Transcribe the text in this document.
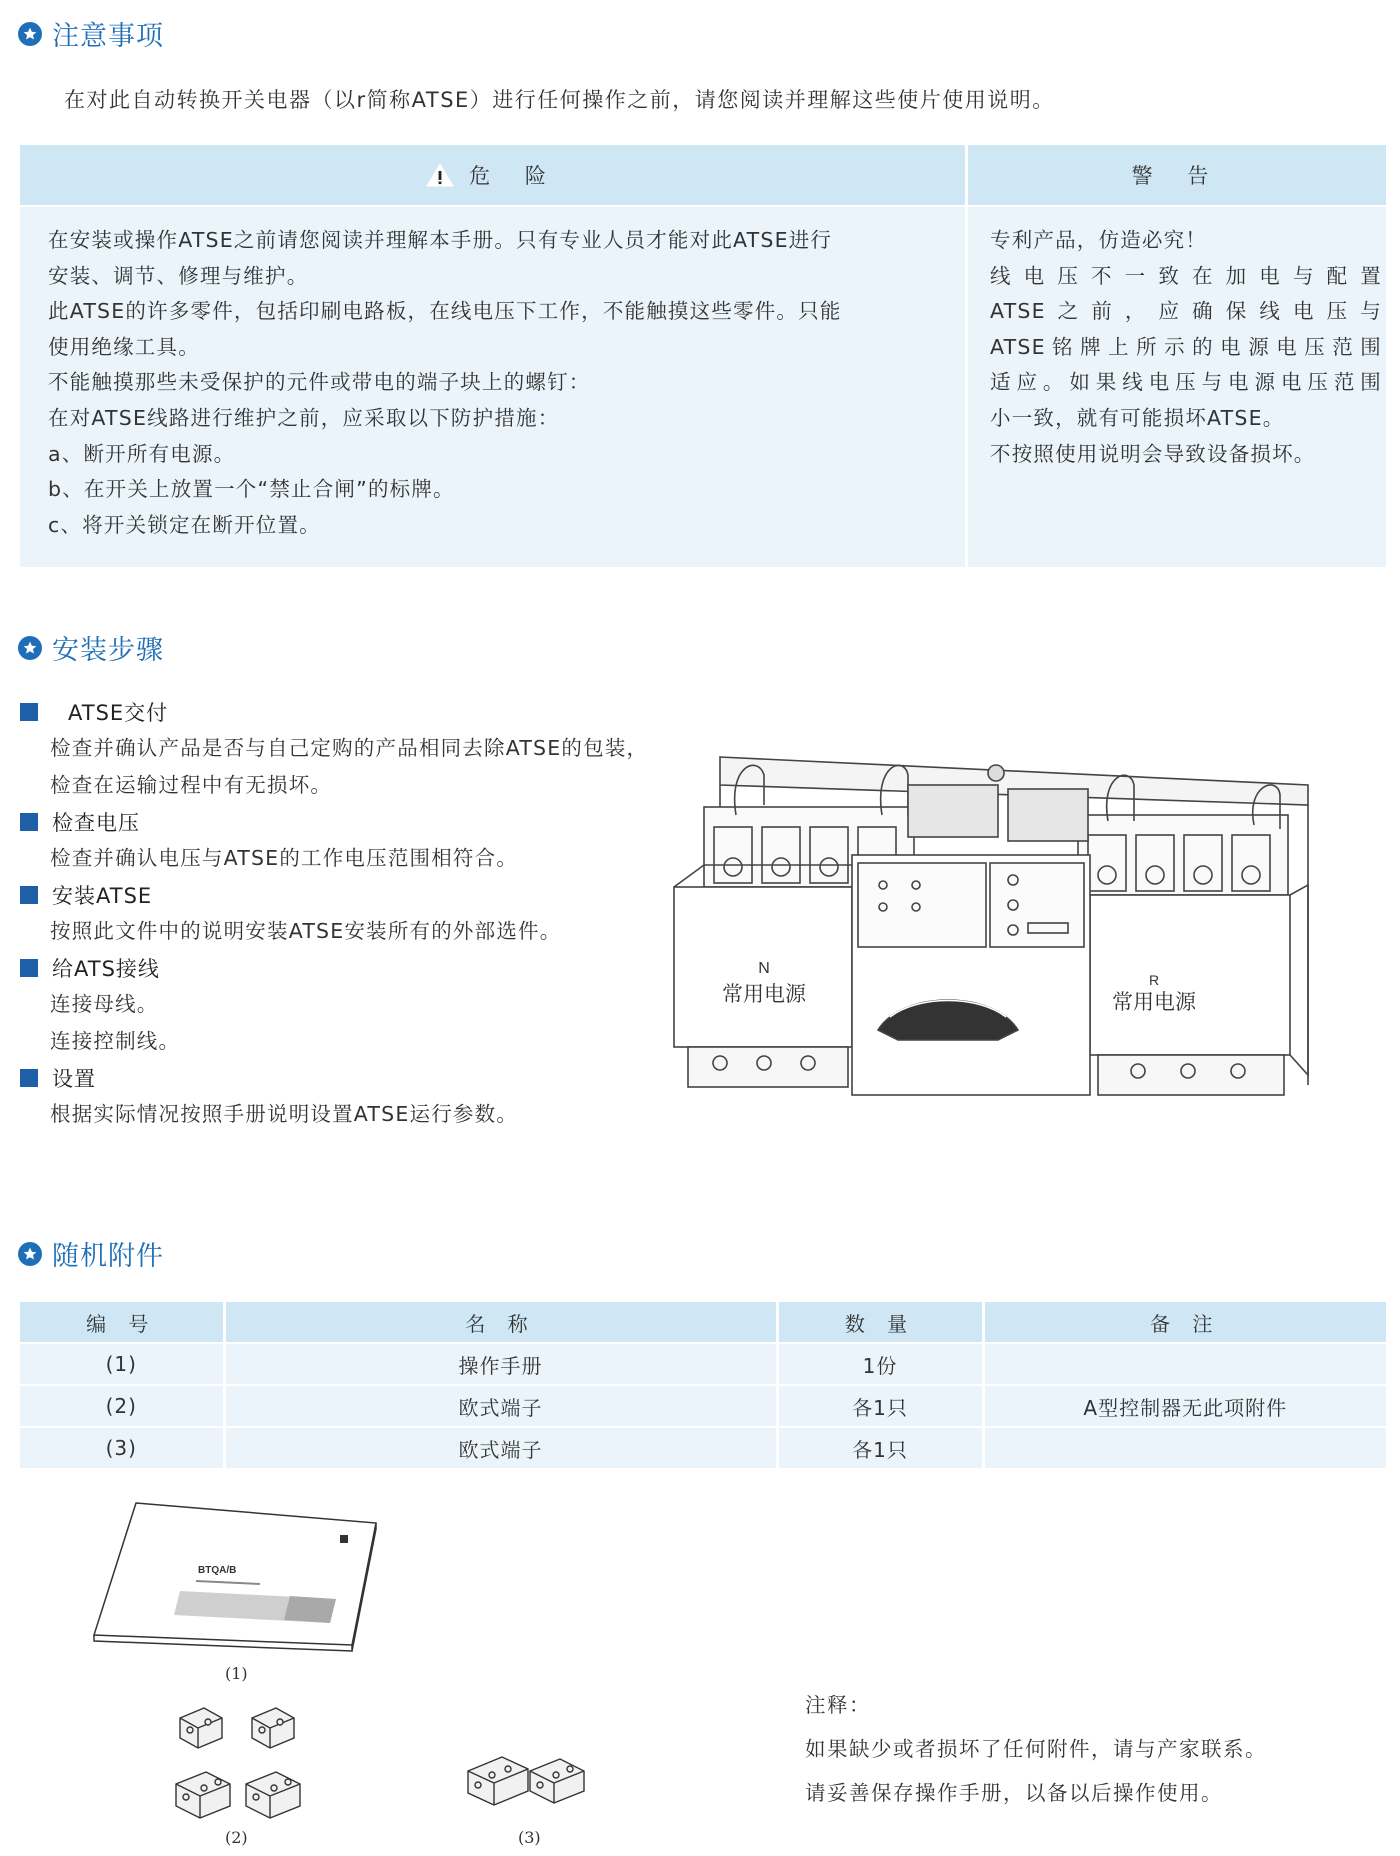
注意事项
在对此自动转换开关电器（以r简称ATSE）进行任何操作之前，请您阅读并理解这些使片使用说明。
危 险	警 告
在安装或操作ATSE之前请您阅读并理解本手册。只有专业人员才能对此ATSE进行
安装、调节、修理与维护。
此ATSE的许多零件，包括印刷电路板，在线电压下工作，不能触摸这些零件。只能
使用绝缘工具。
不能触摸那些未受保护的元件或带电的端子块上的螺钉：
在对ATSE线路进行维护之前，应采取以下防护措施：
a、断开所有电源。
b、在开关上放置一个“禁止合闸”的标牌。
c、将开关锁定在断开位置。
专利产品，仿造必究！
线电压不一致在加电与配置
ATSE之前，应确保线电压与
ATSE铭牌上所示的电源电压范围
适应。如果线电压与电源电压范围
小一致，就有可能损坏ATSE。
不按照使用说明会导致设备损坏。
安装步骤
ATSE交付
检查并确认产品是否与自己定购的产品相同去除ATSE的包装，
检查在运输过程中有无损坏。
检查电压
检查并确认电压与ATSE的工作电压范围相符合。
安装ATSE
按照此文件中的说明安装ATSE安装所有的外部选件。
给ATS接线
连接母线。
连接控制线。
设置
根据实际情况按照手册说明设置ATSE运行参数。
N
常用电源
R
常用电源
随机附件
编 号	名 称	数 量	备 注
(1)	操作手册	1份	
(2)	欧式端子	各1只	A型控制器无此项附件
(3)	欧式端子	各1只	
BTQA/B
(1)
(2)	(3)
注释：
如果缺少或者损坏了任何附件，请与产家联系。
请妥善保存操作手册，以备以后操作使用。
